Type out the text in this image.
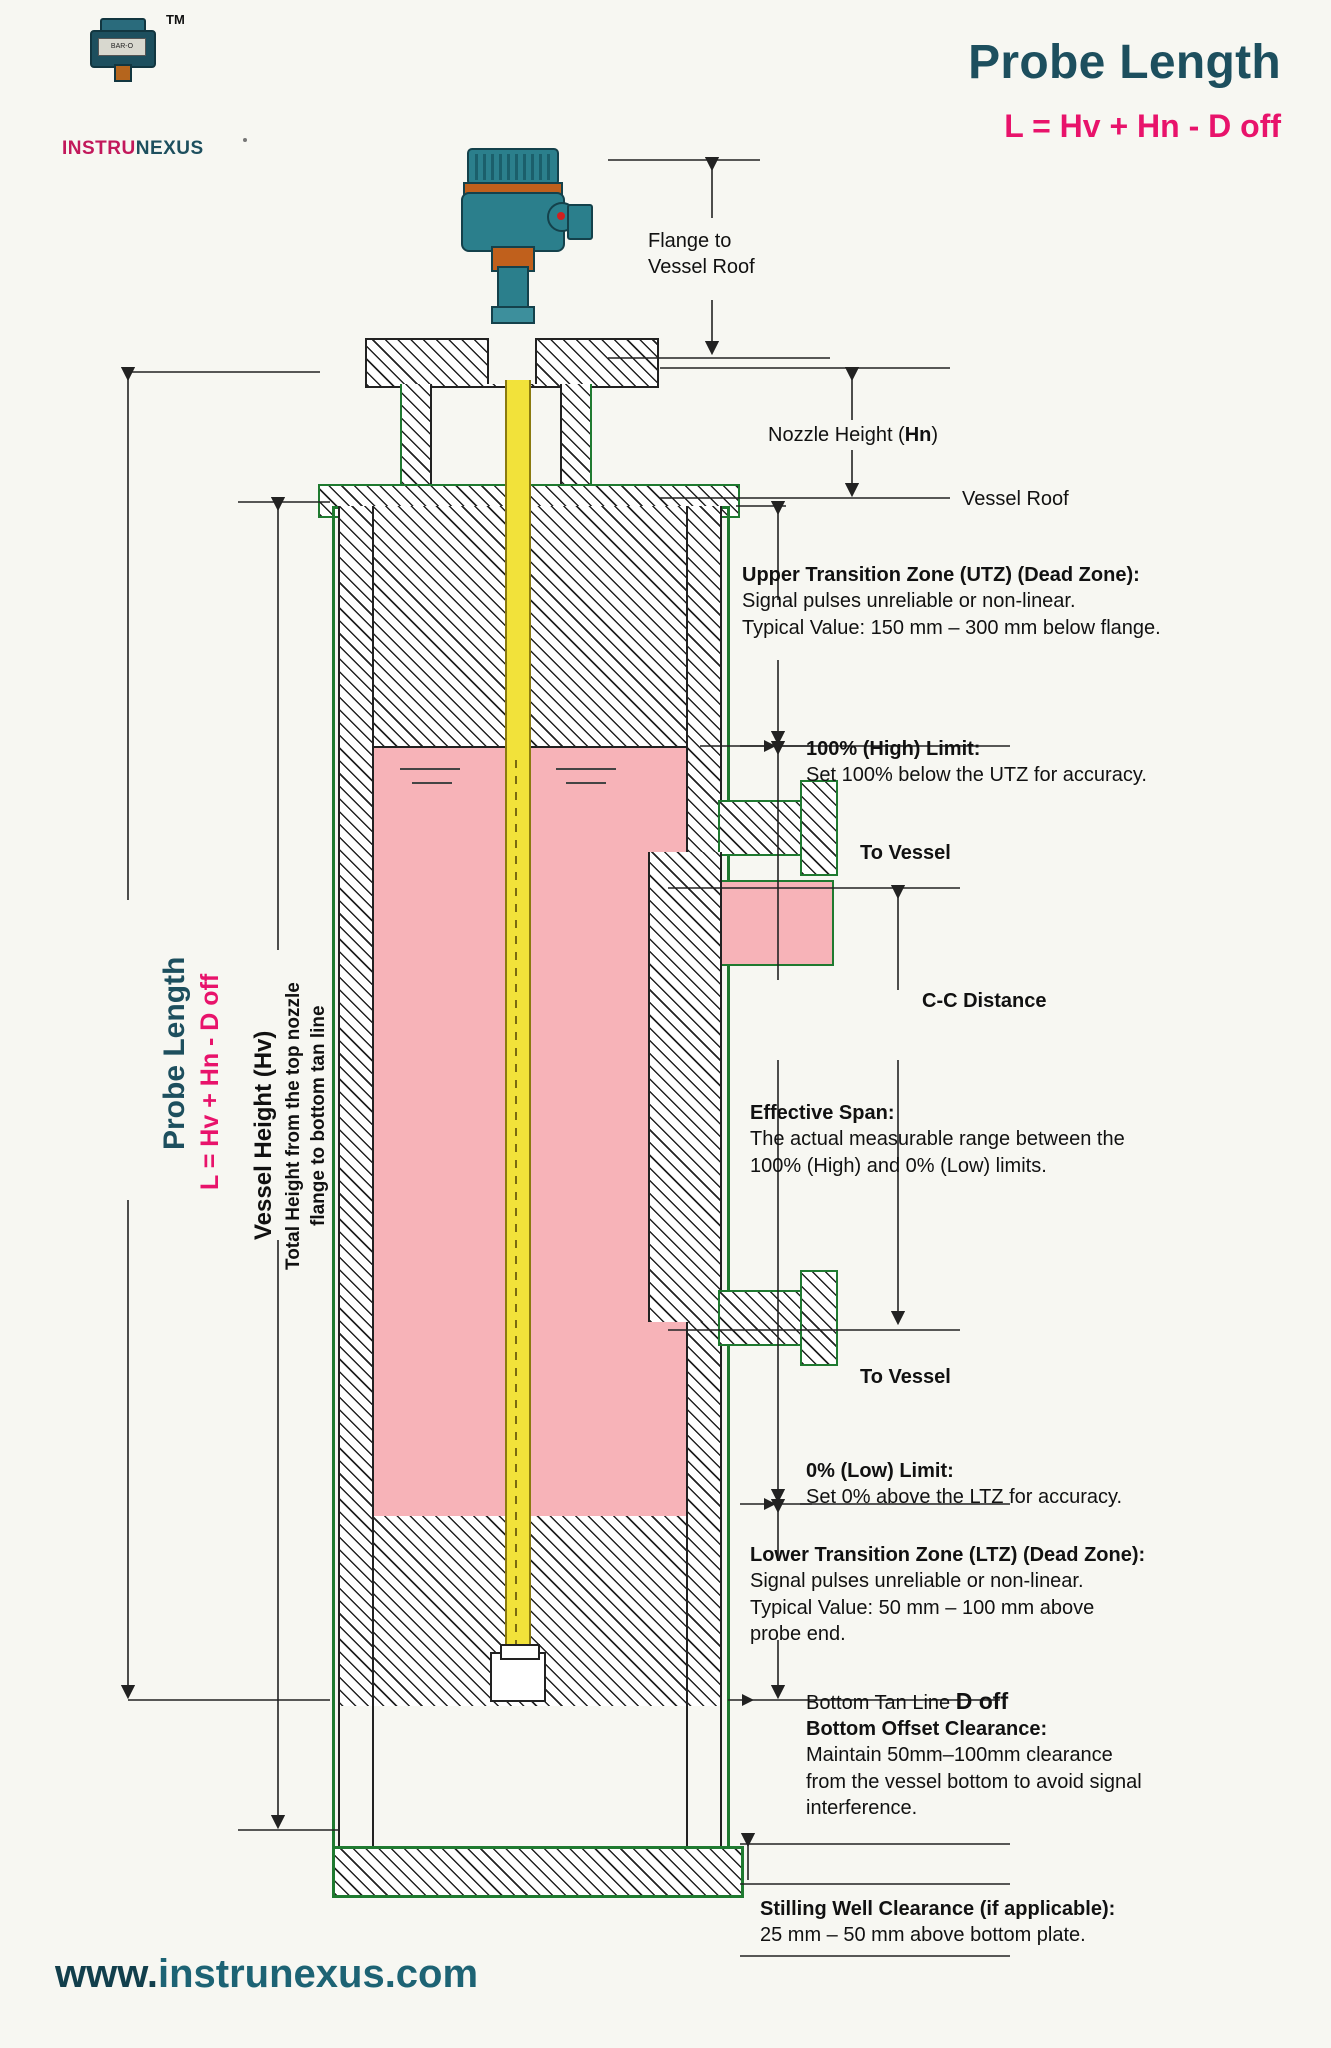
BAR-O
TM
INSTRUNEXUS
Probe Length
L = Hv + Hn - D off
Flange to
Vessel Roof
Nozzle Height (Hn)
Vessel Roof
Upper Transition Zone (UTZ) (Dead Zone):
Signal pulses unreliable or non-linear.
Typical Value: 150 mm – 300 mm below flange.
100% (High) Limit:
Set 100% below the UTZ for accuracy.
To Vessel
C-C Distance
Effective Span:
The actual measurable range between the
100% (High) and 0% (Low) limits.
To Vessel
0% (Low) Limit:
Set 0% above the LTZ for accuracy.
Lower Transition Zone (LTZ) (Dead Zone):
Signal pulses unreliable or non-linear.
Typical Value: 50 mm – 100 mm above
probe end.
Bottom Tan Line D off
Bottom Offset Clearance:
Maintain 50mm–100mm clearance
from the vessel bottom to avoid signal
interference.
Stilling Well Clearance (if applicable):
25 mm – 50 mm above bottom plate.
Probe Length L = Hv + Hn - D off Vessel Height (Hv) Total Height from the top nozzle flange to bottom tan line
www.instrunexus.com
